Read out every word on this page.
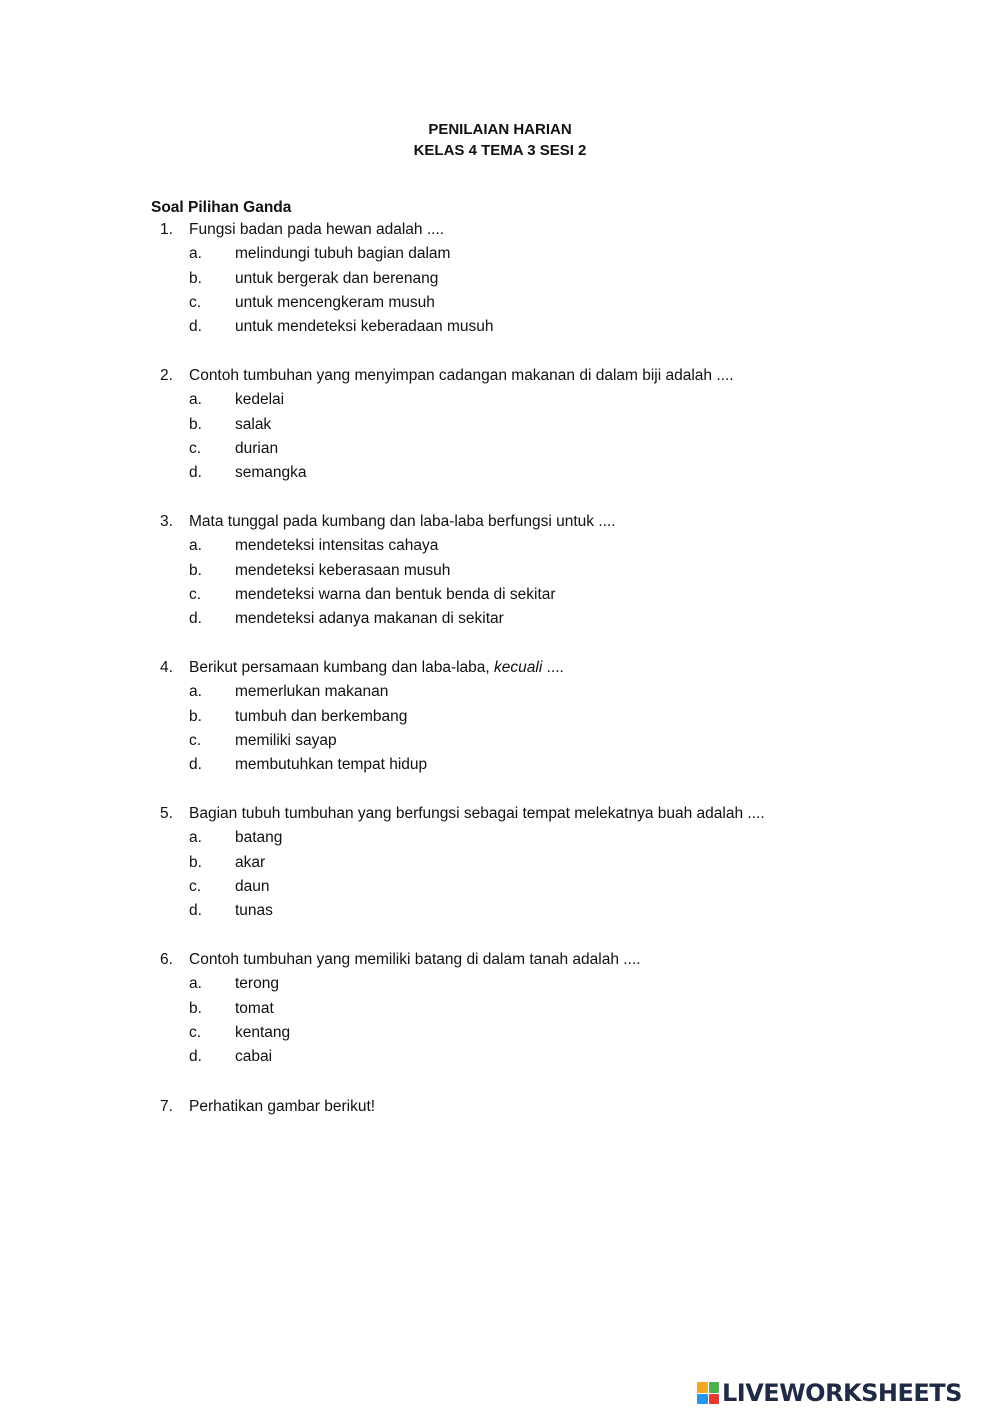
PENILAIAN HARIAN
KELAS 4 TEMA 3 SESI 2
Soal Pilihan Ganda
1. Fungsi badan pada hewan adalah ....
a. melindungi tubuh bagian dalam
b. untuk bergerak dan berenang
c. untuk mencengkeram musuh
d. untuk mendeteksi keberadaan musuh
2. Contoh tumbuhan yang menyimpan cadangan makanan di dalam biji adalah ....
a. kedelai
b. salak
c. durian
d. semangka
3. Mata tunggal pada kumbang dan laba-laba berfungsi untuk ....
a. mendeteksi intensitas cahaya
b. mendeteksi keberasaan musuh
c. mendeteksi warna dan bentuk benda di sekitar
d. mendeteksi adanya makanan di sekitar
4. Berikut persamaan kumbang dan laba-laba, kecuali ....
a. memerlukan makanan
b. tumbuh dan berkembang
c. memiliki sayap
d. membutuhkan tempat hidup
5. Bagian tubuh tumbuhan yang berfungsi sebagai tempat melekatnya buah adalah ....
a. batang
b. akar
c. daun
d. tunas
6. Contoh tumbuhan yang memiliki batang di dalam tanah adalah ....
a. terong
b. tomat
c. kentang
d. cabai
7. Perhatikan gambar berikut!
LIVEWORKSHEETS
